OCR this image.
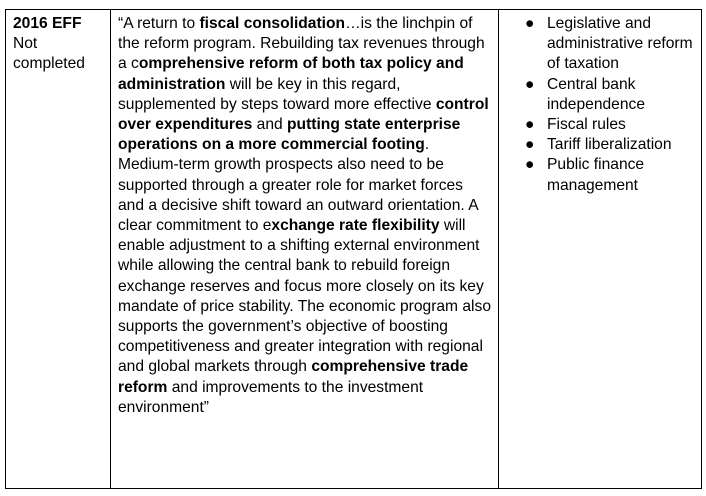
2016 EFF
Not completed

“A return to fiscal consolidation…is the linchpin of the reform program. Rebuilding tax revenues through a comprehensive reform of both tax policy and administration will be key in this regard, supplemented by steps toward more effective control over expenditures and putting state enterprise operations on a more commercial footing. Medium-term growth prospects also need to be supported through a greater role for market forces and a decisive shift toward an outward orientation. A clear commitment to exchange rate flexibility will enable adjustment to a shifting external environment while allowing the central bank to rebuild foreign exchange reserves and focus more closely on its key mandate of price stability. The economic program also supports the government’s objective of boosting competitiveness and greater integration with regional and global markets through comprehensive trade reform and improvements to the investment environment”

● Legislative and administrative reform of taxation
● Central bank independence
● Fiscal rules
● Tariff liberalization
● Public finance management
